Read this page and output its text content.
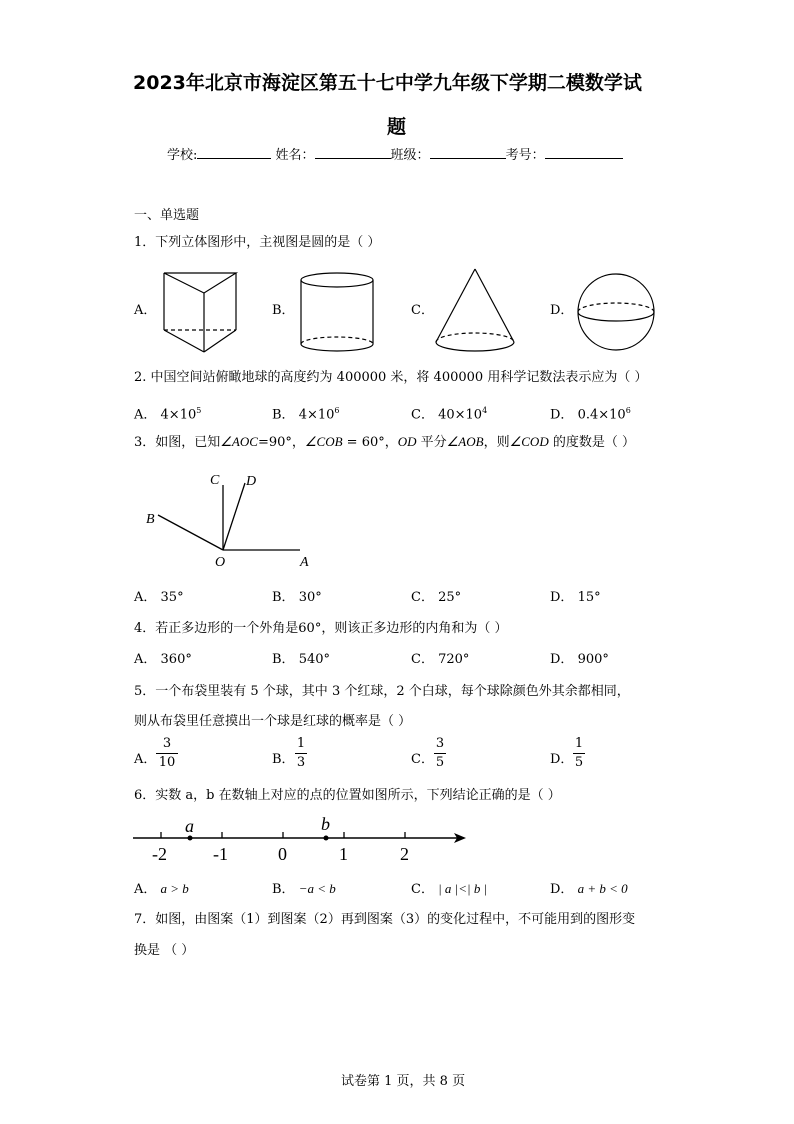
2023年北京市海淀区第五十七中学九年级下学期二模数学试
题
学校:	姓名：	班级：	考号：
一、单选题
1．下列立体图形中，主视图是圆的是（ ）
A．	B．	C．	D．
2. 中国空间站俯瞰地球的高度约为 400000 米，将 400000 用科学记数法表示应为（ ）
A． $4\times 10^5$	B． $4\times 10^6$	C． $40\times 10^4$	D． $0.4\times 10^6$
3．如图，已知∠AOC=90°，∠COB = 60°，OD 平分∠AOB，则∠COD 的度数是（ ）
C D
B
O	A
A． 35°	B． 30°	C． 25°	D． 15°
4．若正多边形的一个外角是60°，则该正多边形的内角和为（ ）
A． 360°	B． 540°	C． 720°	D． 900°
5．一个布袋里装有 5 个球，其中 3 个红球，2 个白球，每个球除颜色外其余都相同，
则从布袋里任意摸出一个球是红球的概率是（ ）
A．
3
10	B．
1
3	C．
3
5	D．
1
5
6．实数 a，b 在数轴上对应的点的位置如图所示，下列结论正确的是（ ）
a	b
-2	-1	0	1	2
A． a > b	B． −a < b	C． | a |<| b |	D． a + b < 0
7．如图，由图案（1）到图案（2）再到图案（3）的变化过程中，不可能用到的图形变
换是 （ ）
试卷第 1 页，共 8 页
